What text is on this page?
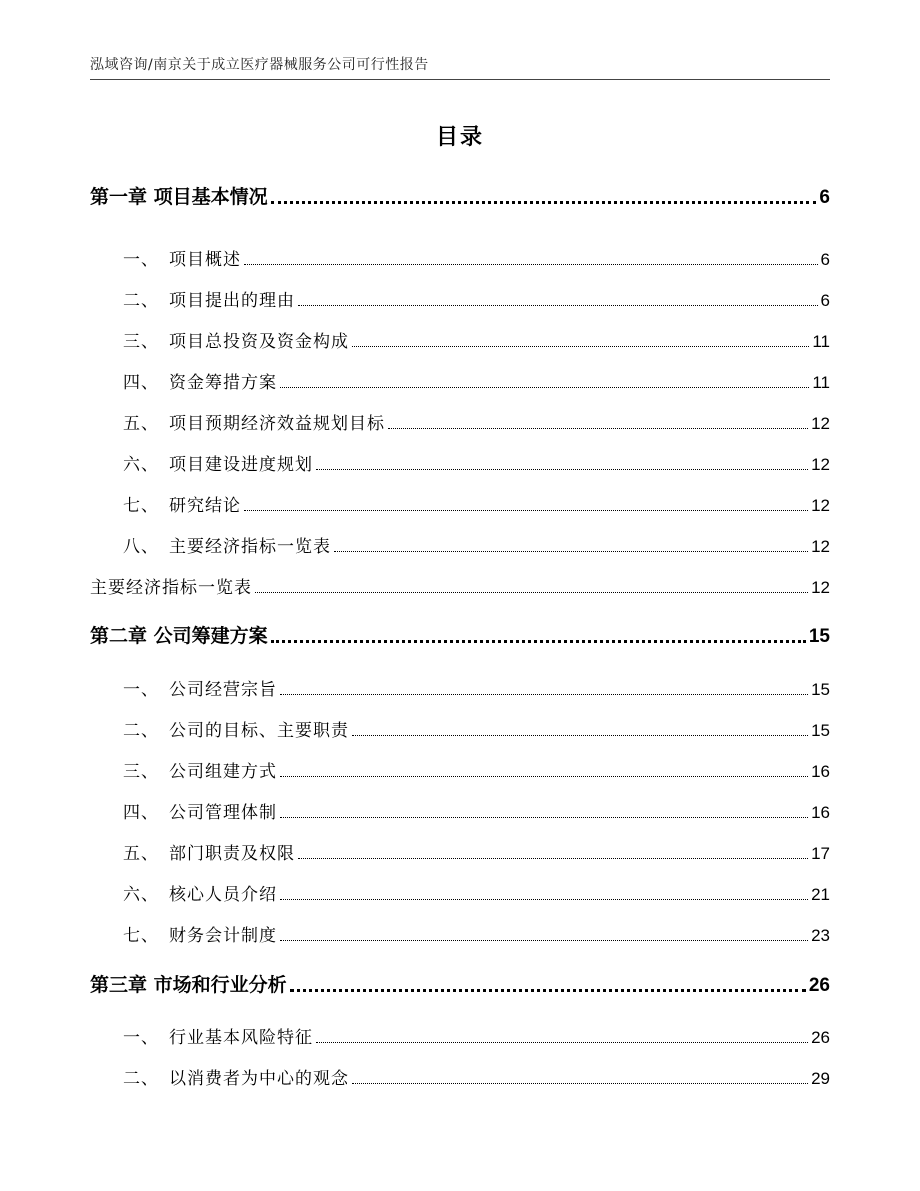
泓域咨询/南京关于成立医疗器械服务公司可行性报告
目录
第一章 项目基本情况	6
一、 项目概述	6
二、 项目提出的理由	6
三、 项目总投资及资金构成	11
四、 资金筹措方案	11
五、 项目预期经济效益规划目标	12
六、 项目建设进度规划	12
七、 研究结论	12
八、 主要经济指标一览表	12
主要经济指标一览表	12
第二章 公司筹建方案	15
一、 公司经营宗旨	15
二、 公司的目标、主要职责	15
三、 公司组建方式	16
四、 公司管理体制	16
五、 部门职责及权限	17
六、 核心人员介绍	21
七、 财务会计制度	23
第三章 市场和行业分析	26
一、 行业基本风险特征	26
二、 以消费者为中心的观念	29
